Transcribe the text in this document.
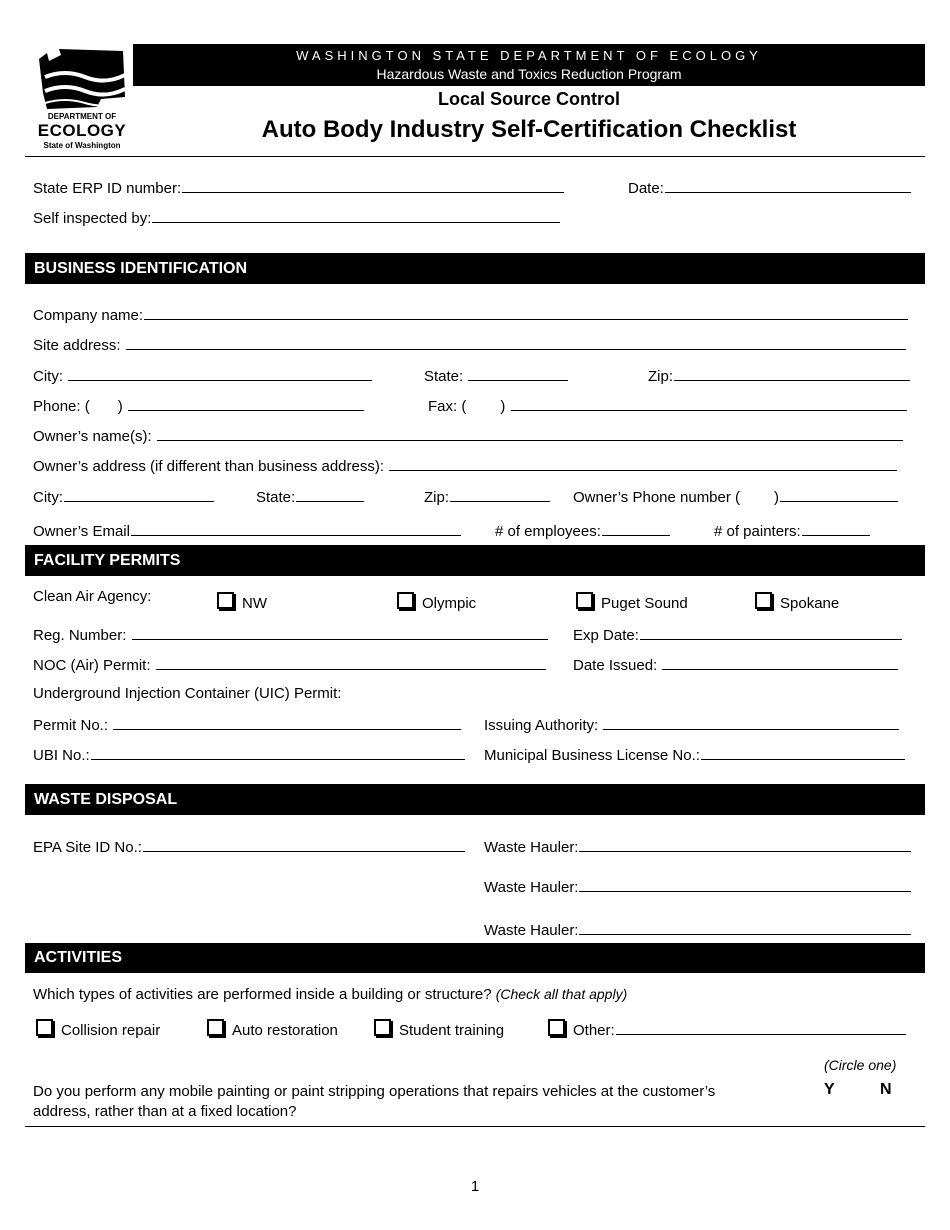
DEPARTMENT OF
ECOLOGY
State of Washington
WASHINGTON STATE DEPARTMENT OF ECOLOGY
Hazardous Waste and Toxics Reduction Program
Local Source Control
Auto Body Industry Self-Certification Checklist
State ERP ID number:	Date:
Self inspected by:
BUSINESS IDENTIFICATION
Company name:
Site address:
City:	State:	Zip:
Phone: ( )	Fax: ( )
Owner’s name(s):
Owner’s address (if different than business address):
City:	State:	Zip:	Owner’s Phone number ( )
Owner’s Email	# of employees:	# of painters:
FACILITY PERMITS
Clean Air Agency:	NW	Olympic	Puget Sound	Spokane
Reg. Number:	Exp Date:
NOC (Air) Permit:	Date Issued:
Underground Injection Container (UIC) Permit:
Permit No.:	Issuing Authority:
UBI No.:	Municipal Business License No.:
WASTE DISPOSAL
EPA Site ID No.:	Waste Hauler:
Waste Hauler:
Waste Hauler:
ACTIVITIES
Which types of activities are performed inside a building or structure? (Check all that apply)
Collision repair	Auto restoration	Student training	Other:
(Circle one)
Do you perform any mobile painting or paint stripping operations that repairs vehicles at the customer’s
address, rather than at a fixed location?
Y	N
1
